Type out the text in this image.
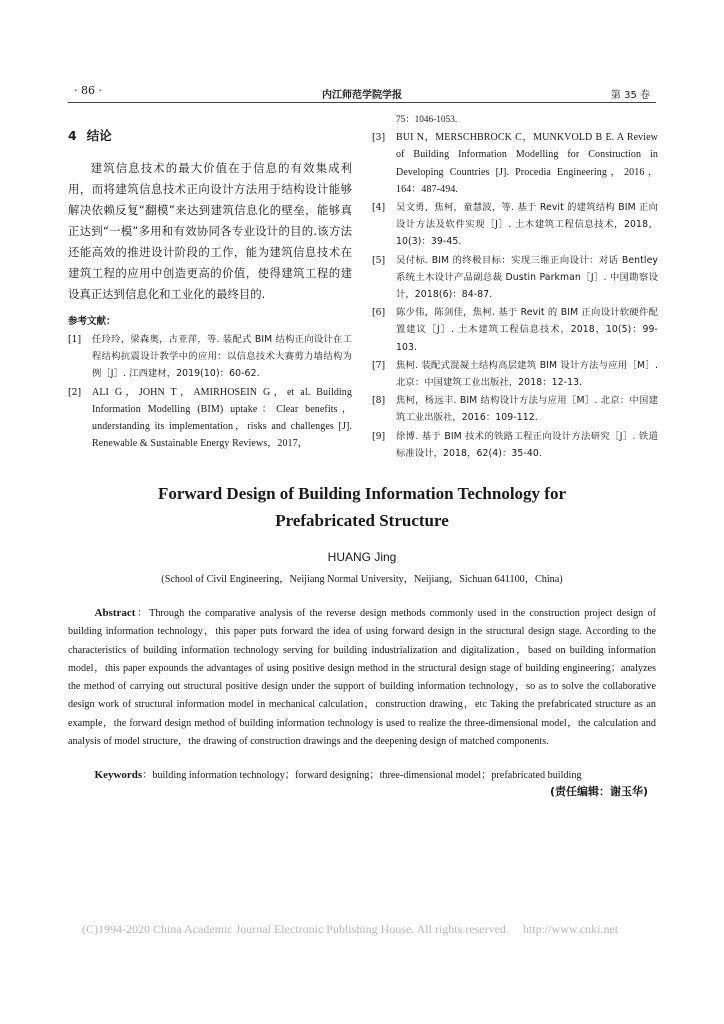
· 86 ·	内江师范学院学报	第 35 卷
4 结论

建筑信息技术的最大价值在于信息的有效集成利用，而将建筑信息技术正向设计方法用于结构设计能够解决依赖反复“翻模”来达到建筑信息化的壁垒，能够真正达到“一模”多用和有效协同各专业设计的目的.该方法还能高效的推进设计阶段的工作，能为建筑信息技术在建筑工程的应用中创造更高的价值，使得建筑工程的建设真正达到信息化和工业化的最终目的.

参考文献：
[1]	任玲玲，梁森奥，古亚萍，等. 装配式 BIM 结构正向设计在工程结构抗震设计教学中的应用：以信息技术大赛剪力墙结构为例［J］. 江西建材，2019(10)：60-62.
[2]	ALI G，JOHN T，AMIRHOSEIN G，et al. Building Information Modelling (BIM) uptake：Clear benefits，understanding its implementation，risks and challenges [J]. Renewable & Sustainable Energy Reviews，2017，
75：1046-1053.
[3]	BUI N，MERSCHBROCK C，MUNKVOLD B E. A Review of Building Information Modelling for Construction in Developing Countries [J]. Procedia Engineering，2016，164：487-494.
[4]	吴文勇，焦柯，童慧波，等. 基于 Revit 的建筑结构 BIM 正向设计方法及软件实现［J］. 土木建筑工程信息技术，2018，10(3)：39-45.
[5]	吴付标. BIM 的终极目标：实现三维正向设计：对话 Bentley 系统土木设计产品副总裁 Dustin Parkman［J］. 中国勘察设计，2018(6)：84-87.
[6]	陈少伟，陈剑佳，焦柯. 基于 Revit 的 BIM 正向设计软硬件配置建议［J］. 土木建筑工程信息技术，2018，10(5)：99-103.
[7]	焦柯. 装配式混凝土结构高层建筑 BIM 设计方法与应用［M］. 北京：中国建筑工业出版社，2018：12-13.
[8]	焦柯，杨远丰. BIM 结构设计方法与应用［M］. 北京：中国建筑工业出版社，2016：109-112.
[9]	徐博. 基于 BIM 技术的铁路工程正向设计方法研究［J］. 铁道标准设计，2018，62(4)：35-40.
Forward Design of Building Information Technology for
Prefabricated Structure
HUANG Jing
(School of Civil Engineering，Neijiang Normal University，Neijiang，Sichuan 641100，China)

Abstract：Through the comparative analysis of the reverse design methods commonly used in the construction project design of building information technology，this paper puts forward the idea of using forward design in the structural design stage. According to the characteristics of building information technology serving for building industrialization and digitalization，based on building information model，this paper expounds the advantages of using positive design method in the structural design stage of building engineering；analyzes the method of carrying out structural positive design under the support of building information technology，so as to solve the collaborative design work of structural information model in mechanical calculation，construction drawing，etc Taking the prefabricated structure as an example，the forward design method of building information technology is used to realize the three-dimensional model，the calculation and analysis of model structure，the drawing of construction drawings and the deepening design of matched components.

Keywords：building information technology；forward designing；three-dimensional model；prefabricated building

(责任编辑：谢玉华)
(C)1994-2020 China Academic Journal Electronic Publishing House. All rights reserved. http://www.cnki.net
